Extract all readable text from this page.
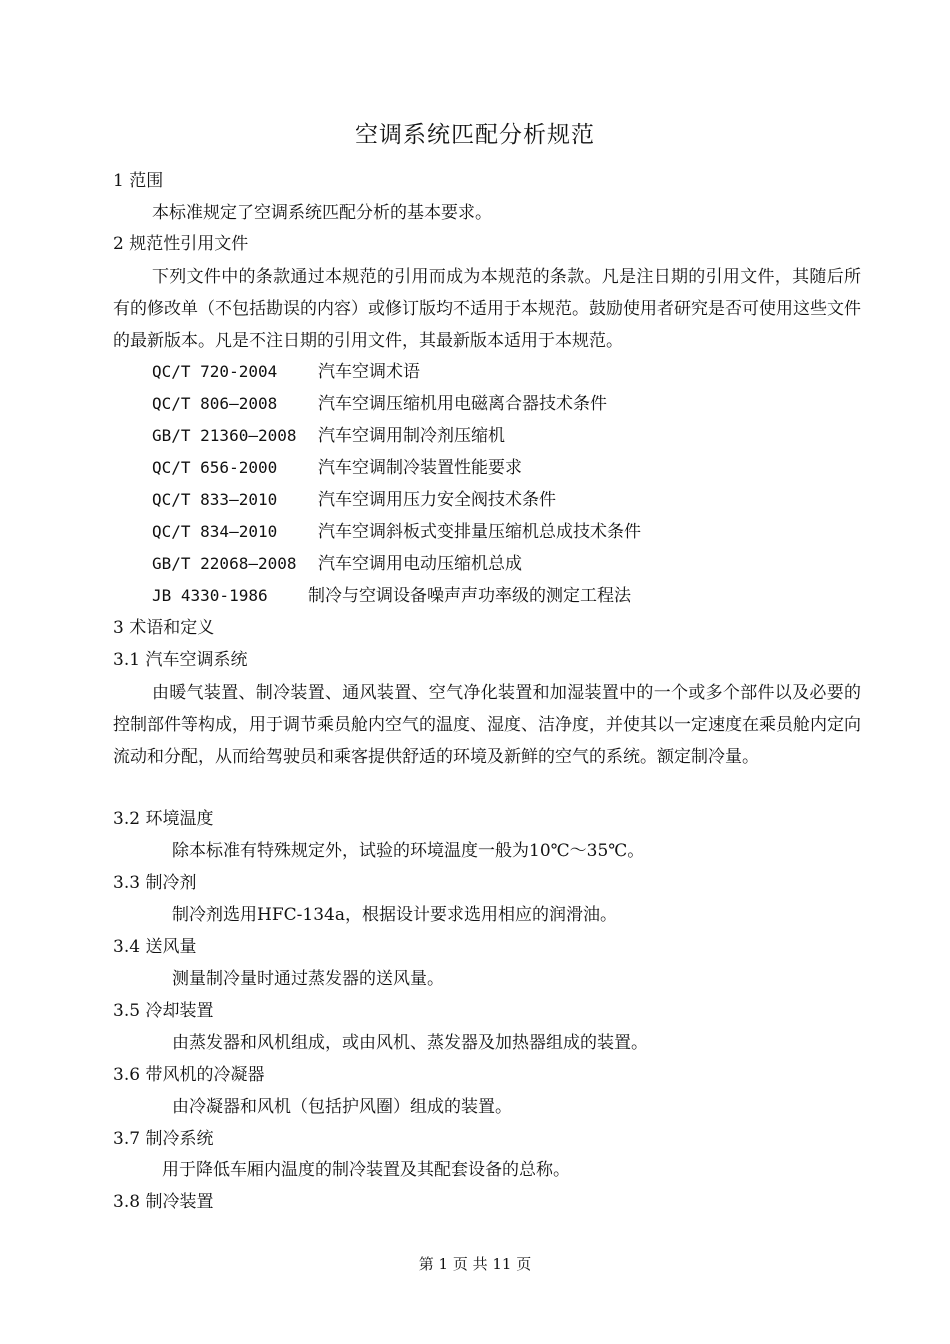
空调系统匹配分析规范
1 范围
本标准规定了空调系统匹配分析的基本要求。
2 规范性引用文件
下列文件中的条款通过本规范的引用而成为本规范的条款。凡是注日期的引用文件，其随后所有的修改单（不包括勘误的内容）或修订版均不适用于本规范。鼓励使用者研究是否可使用这些文件的最新版本。凡是不注日期的引用文件，其最新版本适用于本规范。
QC/T 720-2004 汽车空调术语
QC/T 806—2008 汽车空调压缩机用电磁离合器技术条件
GB/T 21360—2008 汽车空调用制冷剂压缩机
QC/T 656-2000 汽车空调制冷装置性能要求
QC/T 833—2010 汽车空调用压力安全阀技术条件
QC/T 834—2010 汽车空调斜板式变排量压缩机总成技术条件
GB/T 22068—2008 汽车空调用电动压缩机总成
JB 4330-1986 制冷与空调设备噪声声功率级的测定工程法
3 术语和定义
3.1 汽车空调系统
由暖气装置、制冷装置、通风装置、空气净化装置和加湿装置中的一个或多个部件以及必要的控制部件等构成，用于调节乘员舱内空气的温度、湿度、洁净度，并使其以一定速度在乘员舱内定向流动和分配，从而给驾驶员和乘客提供舒适的环境及新鲜的空气的系统。额定制冷量。
3.2 环境温度
除本标准有特殊规定外，试验的环境温度一般为10℃～35℃。
3.3 制冷剂
制冷剂选用HFC-134a，根据设计要求选用相应的润滑油。
3.4 送风量
测量制冷量时通过蒸发器的送风量。
3.5 冷却装置
由蒸发器和风机组成，或由风机、蒸发器及加热器组成的装置。
3.6 带风机的冷凝器
由冷凝器和风机（包括护风圈）组成的装置。
3.7 制冷系统
用于降低车厢内温度的制冷装置及其配套设备的总称。
3.8 制冷装置
第 1 页 共 11 页
